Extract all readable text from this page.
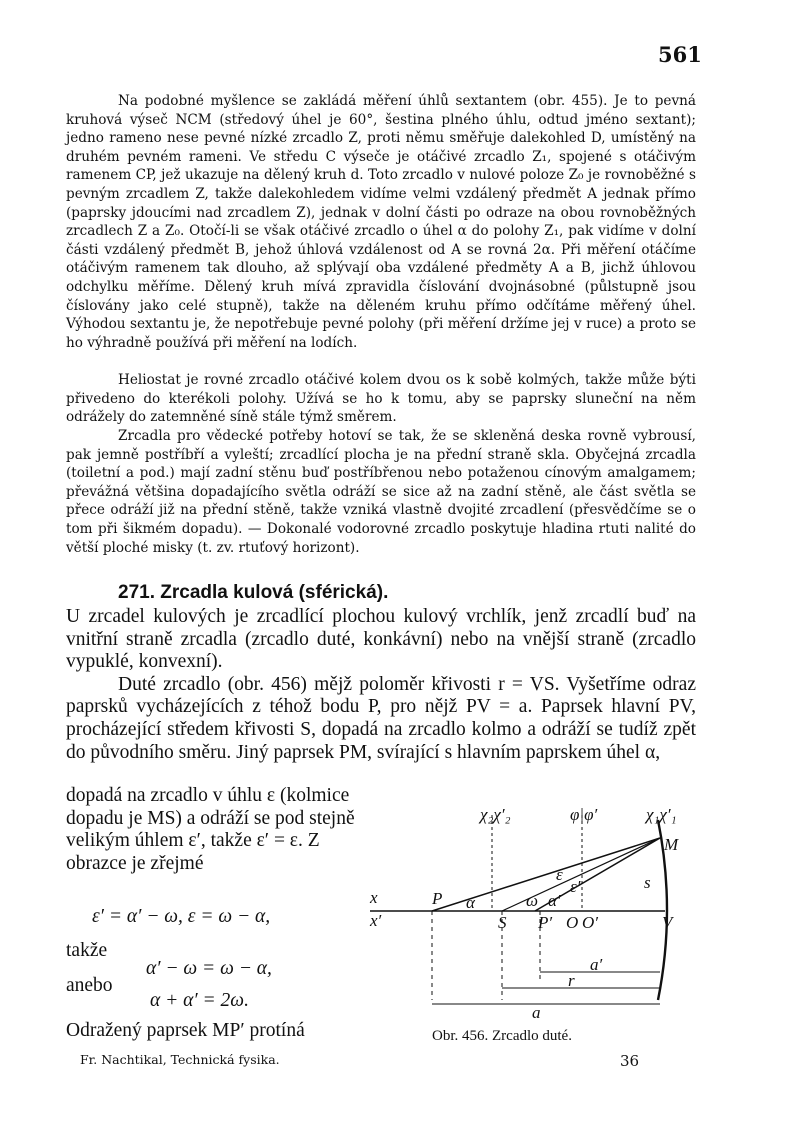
561

Na podobné myšlence se zakládá měření úhlů sextantem (obr. 455). Je to pevná kruhová výseč NCM (středový úhel je 60°, šestina plného úhlu, odtud jméno sextant); jedno rameno nese pevné nízké zrcadlo Z, proti němu směřuje dalekohled D, umístěný na druhém pevném rameni. Ve středu C výseče je otáčivé zrcadlo Z₁, spojené s otáčivým ramenem CP, jež ukazuje na dělený kruh d. Toto zrcadlo v nulové poloze Z₀ je rovnoběžné s pevným zrcadlem Z, takže dalekohledem vidíme velmi vzdálený předmět A jednak přímo (paprsky jdoucími nad zrcadlem Z), jednak v dolní části po odraze na obou rovnoběžných zrcadlech Z a Z₀. Otočí-li se však otáčivé zrcadlo o úhel α do polohy Z₁, pak vidíme v dolní části vzdálený předmět B, jehož úhlová vzdálenost od A se rovná 2α. Při měření otáčíme otáčivým ramenem tak dlouho, až splývají oba vzdálené předměty A a B, jichž úhlovou odchylku měříme. Dělený kruh mívá zpravidla číslování dvojnásobné (půlstupně jsou číslovány jako celé stupně), takže na děleném kruhu přímo odčítáme měřený úhel. Výhodou sextantu je, že nepotřebuje pevné polohy (při měření držíme jej v ruce) a proto se ho výhradně používá při měření na lodích.

Heliostat je rovné zrcadlo otáčivé kolem dvou os k sobě kolmých, takže může býti přivedeno do kterékoli polohy. Užívá se ho k tomu, aby se paprsky sluneční na něm odrážely do zatemněné síně stále týmž směrem.

Zrcadla pro vědecké potřeby hotoví se tak, že se skleněná deska rovně vybrousí, pak jemně postříbří a vyleští; zrcadlící plocha je na přední straně skla. Obyčejná zrcadla (toiletní a pod.) mají zadní stěnu buď postříbřenou nebo potaženou cínovým amalgamem; převážná většina dopadajícího světla odráží se sice až na zadní stěně, ale část světla se přece odráží již na přední stěně, takže vzniká vlastně dvojité zrcadlení (přesvědčíme se o tom při šikmém dopadu). — Dokonalé vodorovné zrcadlo poskytuje hladina rtuti nalité do větší ploché misky (t. zv. rtuťový horizont).

271. Zrcadla kulová (sférická).

U zrcadel kulových je zrcadlící plochou kulový vrchlík, jenž zrcadlí buď na vnitřní straně zrcadla (zrcadlo duté, konkávní) nebo na vnější straně (zrcadlo vypuklé, konvexní).

Duté zrcadlo (obr. 456) mějž poloměr křivosti r = VS. Vyšetříme odraz paprsků vycházejících z téhož bodu P, pro nějž PV = a. Paprsek hlavní PV, procházející středem křivosti S, dopadá na zrcadlo kolmo a odráží se tudíž zpět do původního směru. Jiný paprsek PM, svírající s hlavním paprskem úhel α,

dopadá na zrcadlo v úhlu ε (kolmice dopadu je MS) a odráží se pod stejně velikým úhlem ε′, takže ε′ = ε. Z obrazce je zřejmé

ε′ = α′ − ω, ε = ω − α,
takže
α′ − ω = ω − α,
anebo
α + α′ = 2ω.
Odražený paprsek MP′ protíná
χ₂χ′₂	φ|φ′	χ₁χ′₁
M
x
x′
P α
ε
ε′
α′
ω
S P′ O O′	V
s
a′
r
a
Obr. 456. Zrcadlo duté.
Fr. Nachtikal, Technická fysika.	36
